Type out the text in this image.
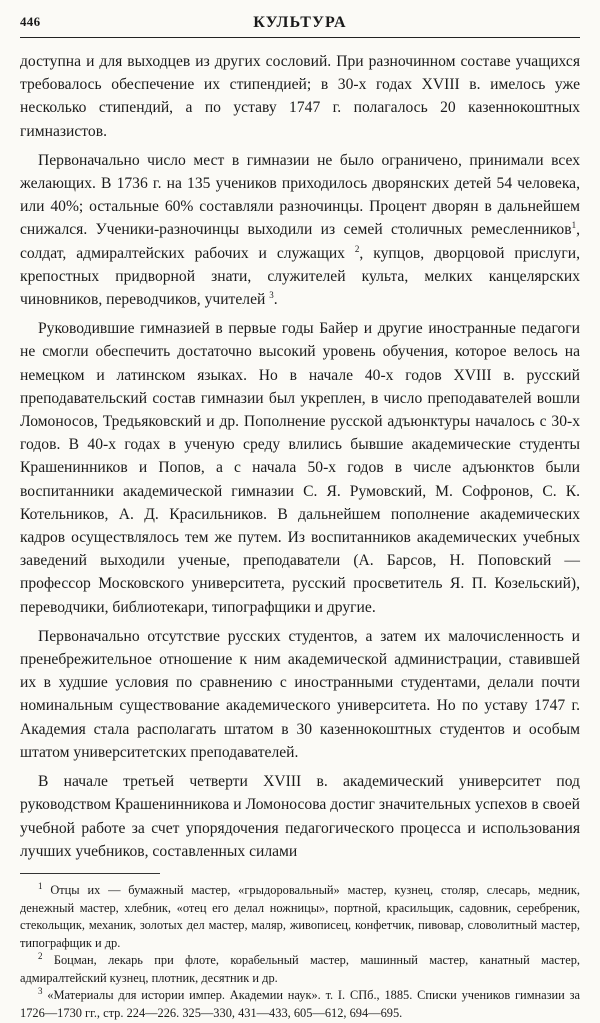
446	КУЛЬТУРА

доступна и для выходцев из других сословий. При разночинном составе учащихся требовалось обеспечение их стипендией; в 30-х годах XVIII в. имелось уже несколько стипендий, а по уставу 1747 г. полагалось 20 казеннокоштных гимназистов.

Первоначально число мест в гимназии не было ограничено, принимали всех желающих. В 1736 г. на 135 учеников приходилось дворянских детей 54 человека, или 40%; остальные 60% составляли разночинцы. Процент дворян в дальнейшем снижался. Ученики-разночинцы выходили из семей столичных ремесленников$^1$, солдат, адмиралтейских рабочих и служащих $^2$, купцов, дворцовой прислуги, крепостных придворной знати, служителей культа, мелких канцелярских чиновников, переводчиков, учителей $^3$.

Руководившие гимназией в первые годы Байер и другие иностранные педагоги не смогли обеспечить достаточно высокий уровень обучения, которое велось на немецком и латинском языках. Но в начале 40-х годов XVIII в. русский преподавательский состав гимназии был укреплен, в число преподавателей вошли Ломоносов, Тредьяковский и др. Пополнение русской адъюнктуры началось с 30-х годов. В 40-х годах в ученую среду влились бывшие академические студенты Крашенинников и Попов, а с начала 50-х годов в числе адъюнктов были воспитанники академической гимназии С. Я. Румовский, М. Софронов, С. К. Котельников, А. Д. Красильников. В дальнейшем пополнение академических кадров осуществлялось тем же путем. Из воспитанников академических учебных заведений выходили ученые, преподаватели (А. Барсов, Н. Поповский — профессор Московского университета, русский просветитель Я. П. Козельский), переводчики, библиотекари, типографщики и другие.

Первоначально отсутствие русских студентов, а затем их малочисленность и пренебрежительное отношение к ним академической администрации, ставившей их в худшие условия по сравнению с иностранными студентами, делали почти номинальным существование академического университета. Но по уставу 1747 г. Академия стала располагать штатом в 30 казеннокоштных студентов и особым штатом университетских преподавателей.

В начале третьей четверти XVIII в. академический университет под руководством Крашенинникова и Ломоносова достиг значительных успехов в своей учебной работе за счет упорядочения педагогического процесса и использования лучших учебников, составленных силами

$^1$ Отцы их — бумажный мастер, «грыдоровальный» мастер, кузнец, столяр, слесарь, медник, денежный мастер, хлебник, «отец его делал ножницы», портной, красильщик, садовник, серебреник, стекольщик, механик, золотых дел мастер, маляр, живописец, конфетчик, пивовар, словолитный мастер, типографщик и др.

$^2$ Боцман, лекарь при флоте, корабельный мастер, машинный мастер, канатный мастер, адмиралтейский кузнец, плотник, десятник и др.

$^3$ «Материалы для истории импер. Академии наук». т. I. СПб., 1885. Списки учеников гимназии за 1726—1730 гг., стр. 224—226. 325—330, 431—433, 605—612, 694—695.
